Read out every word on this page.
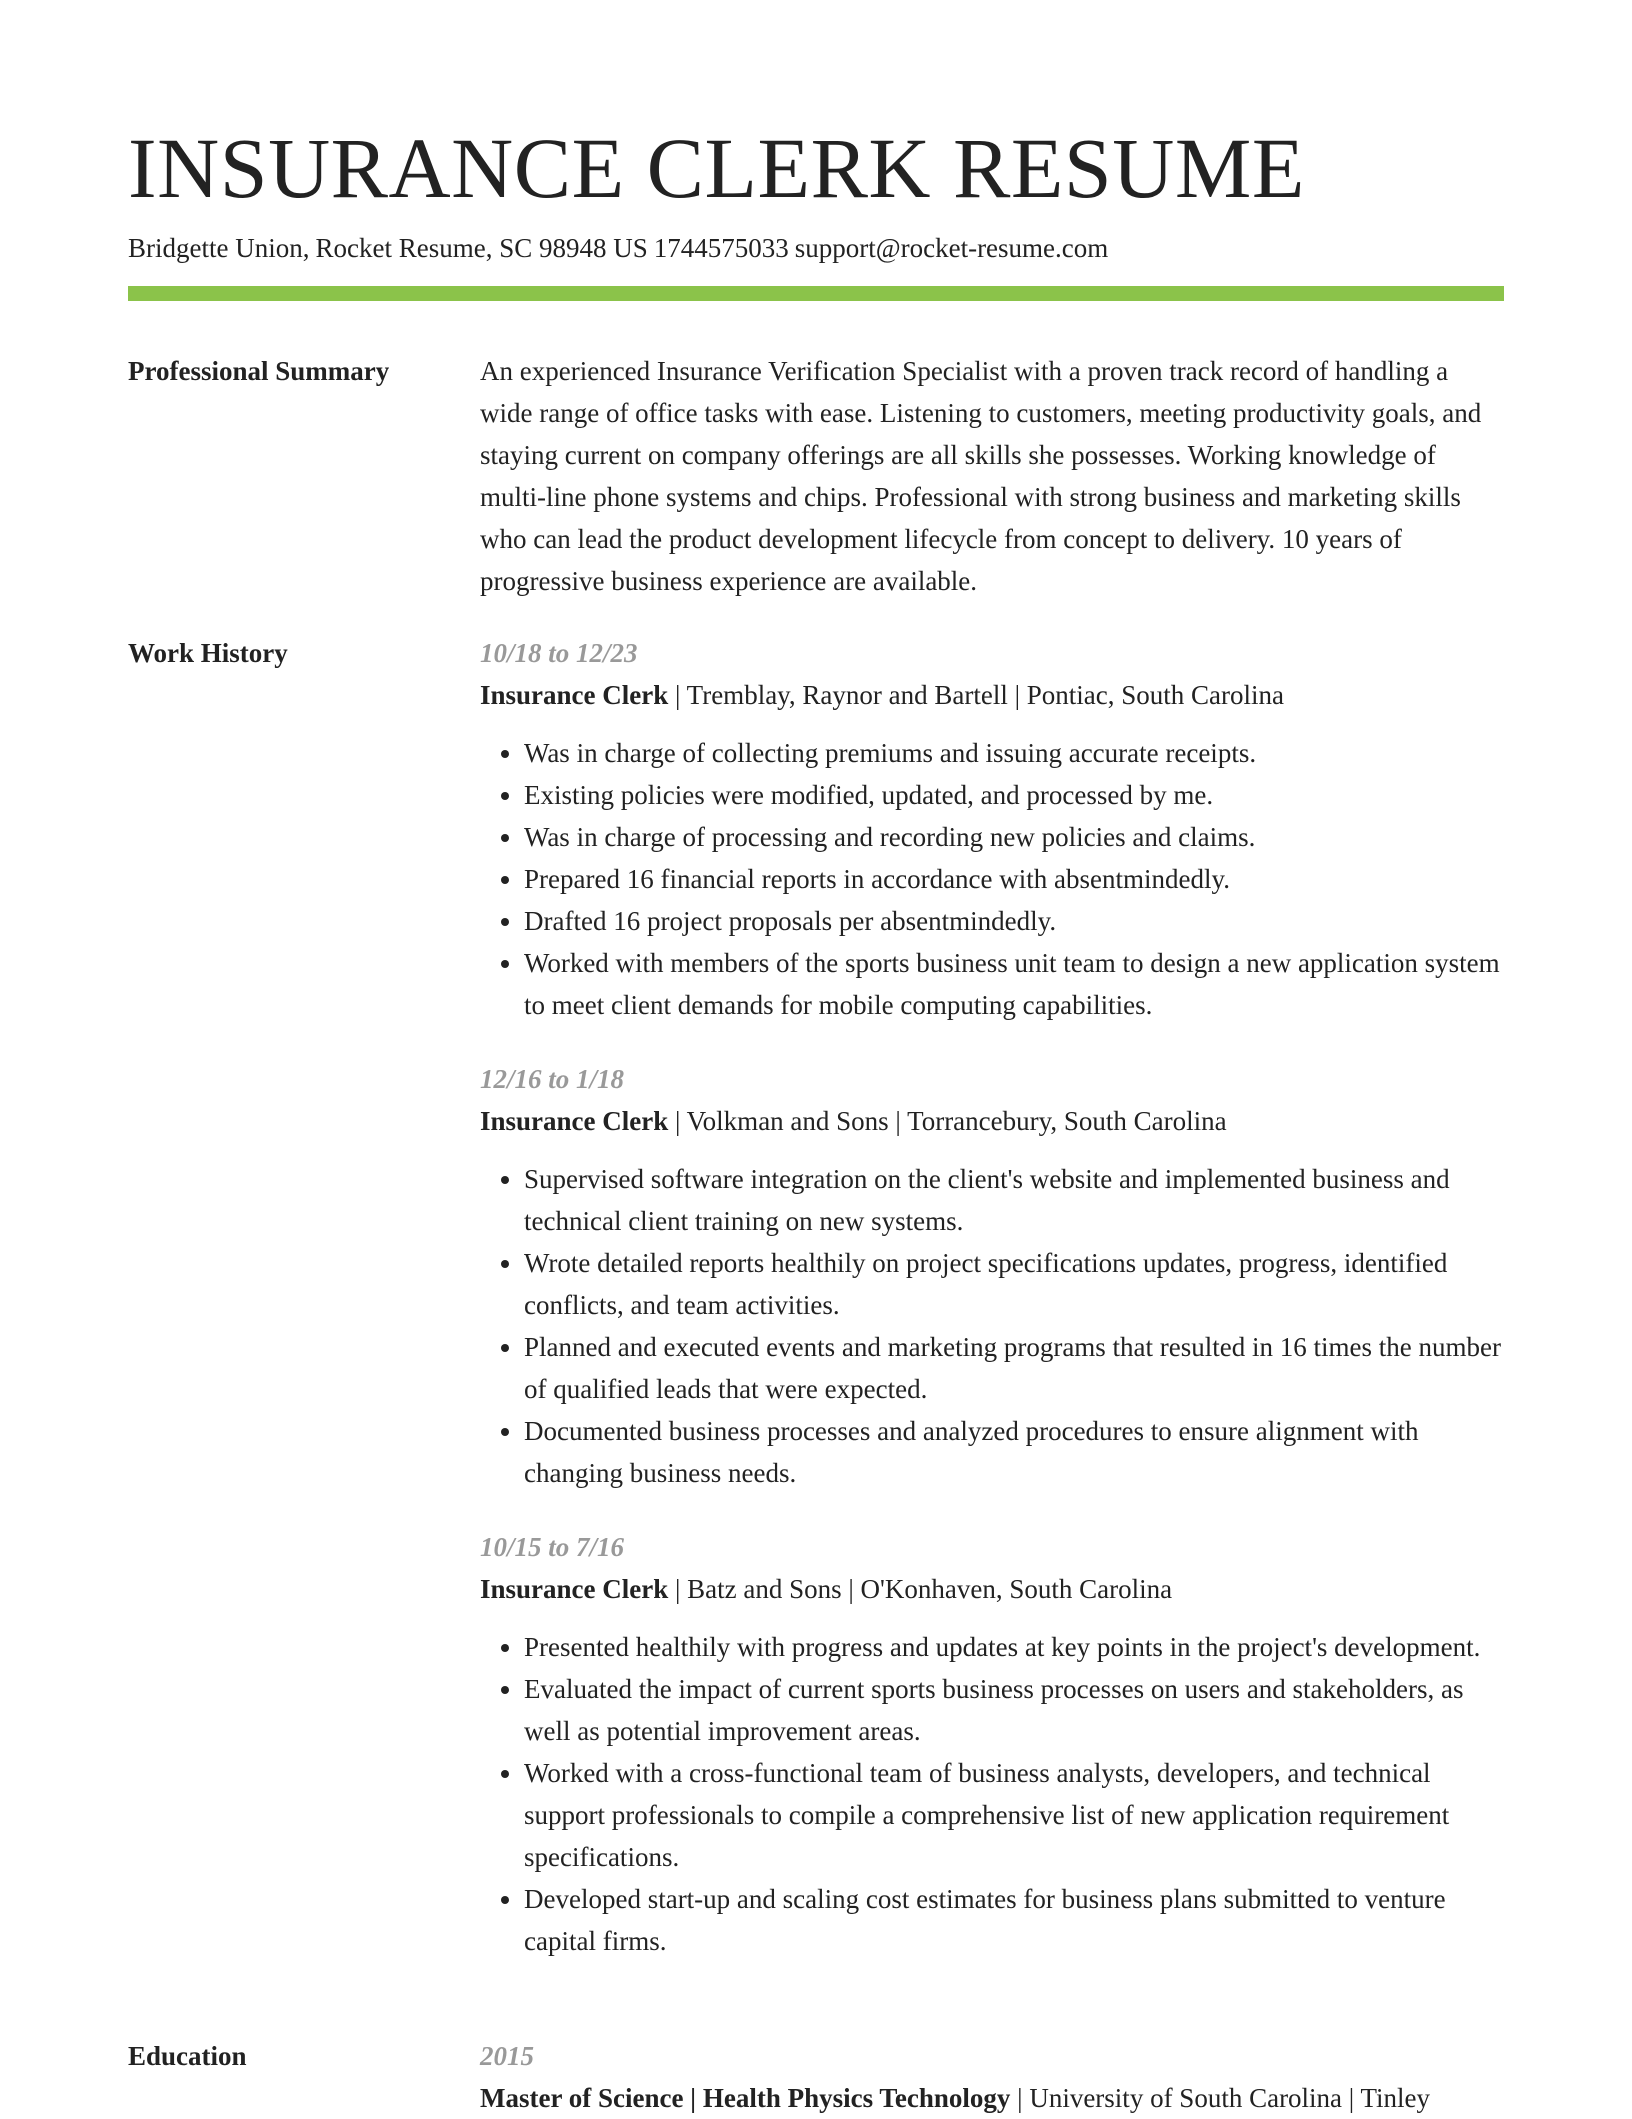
INSURANCE CLERK RESUME
Bridgette Union, Rocket Resume, SC 98948 US 1744575033 support@rocket-resume.com
Professional Summary	An experienced Insurance Verification Specialist with a proven track record of handling a wide range of office tasks with ease. Listening to customers, meeting productivity goals, and staying current on company offerings are all skills she possesses. Working knowledge of multi-line phone systems and chips. Professional with strong business and marketing skills who can lead the product development lifecycle from concept to delivery. 10 years of progressive business experience are available.
Work History	10/18 to 12/23
Insurance Clerk | Tremblay, Raynor and Bartell | Pontiac, South Carolina
• Was in charge of collecting premiums and issuing accurate receipts.
• Existing policies were modified, updated, and processed by me.
• Was in charge of processing and recording new policies and claims.
• Prepared 16 financial reports in accordance with absentmindedly.
• Drafted 16 project proposals per absentmindedly.
• Worked with members of the sports business unit team to design a new application system to meet client demands for mobile computing capabilities.
12/16 to 1/18
Insurance Clerk | Volkman and Sons | Torrancebury, South Carolina
• Supervised software integration on the client's website and implemented business and technical client training on new systems.
• Wrote detailed reports healthily on project specifications updates, progress, identified conflicts, and team activities.
• Planned and executed events and marketing programs that resulted in 16 times the number of qualified leads that were expected.
• Documented business processes and analyzed procedures to ensure alignment with changing business needs.
10/15 to 7/16
Insurance Clerk | Batz and Sons | O'Konhaven, South Carolina
• Presented healthily with progress and updates at key points in the project's development.
• Evaluated the impact of current sports business processes on users and stakeholders, as well as potential improvement areas.
• Worked with a cross-functional team of business analysts, developers, and technical support professionals to compile a comprehensive list of new application requirement specifications.
• Developed start-up and scaling cost estimates for business plans submitted to venture capital firms.
Education	2015
Master of Science | Health Physics Technology | University of South Carolina | Tinley
